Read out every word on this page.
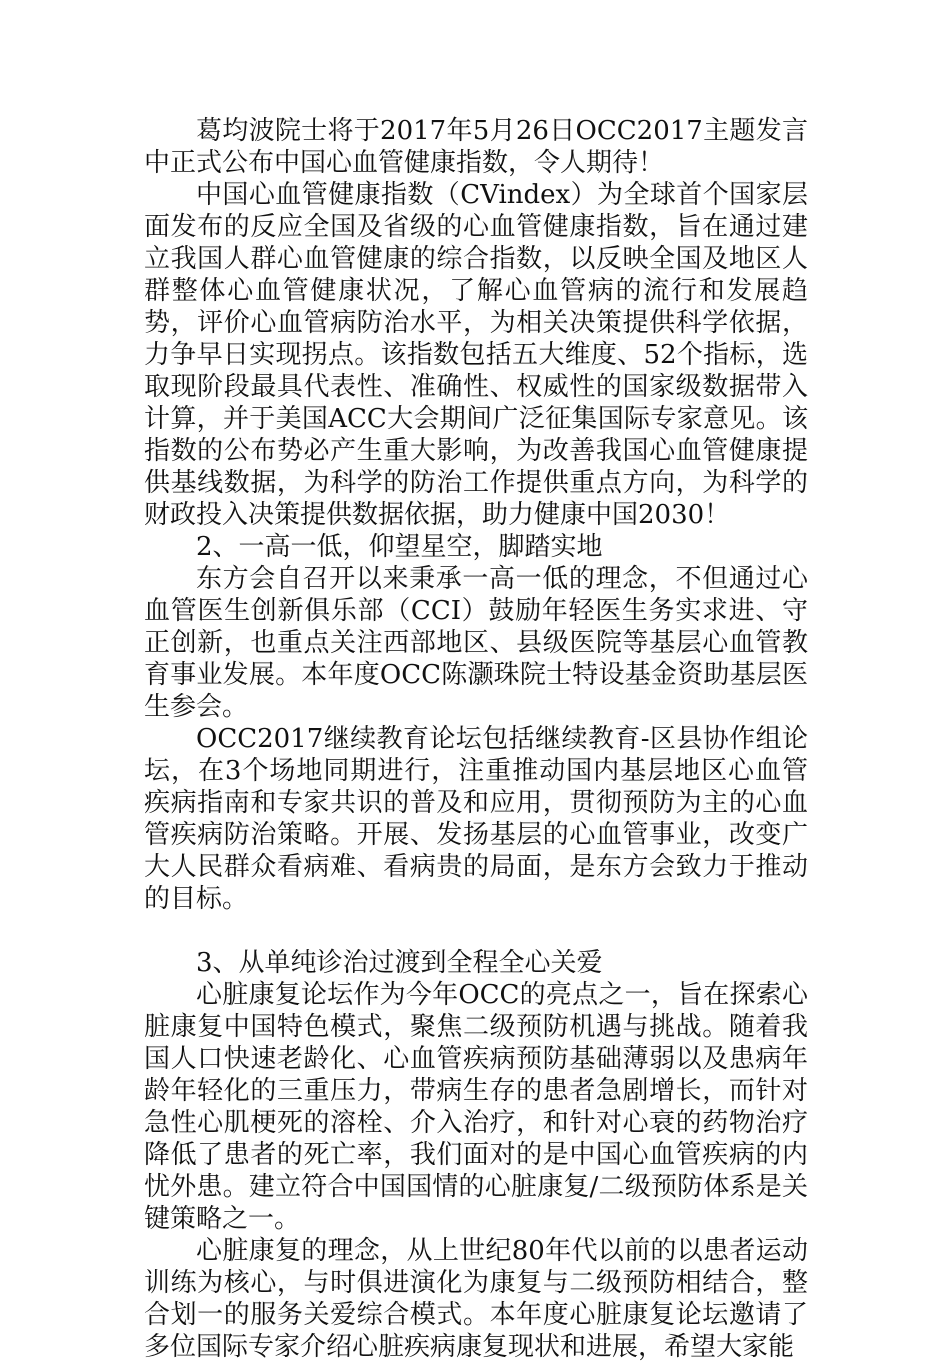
葛均波院士将于2017年5月26日OCC2017主题发言中正式公布中国心血管健康指数，令人期待！

中国心血管健康指数（CVindex）为全球首个国家层面发布的反应全国及省级的心血管健康指数，旨在通过建立我国人群心血管健康的综合指数，以反映全国及地区人群整体心血管健康状况，了解心血管病的流行和发展趋势，评价心血管病防治水平，为相关决策提供科学依据，力争早日实现拐点。该指数包括五大维度、52个指标，选取现阶段最具代表性、准确性、权威性的国家级数据带入计算，并于美国ACC大会期间广泛征集国际专家意见。该指数的公布势必产生重大影响，为改善我国心血管健康提供基线数据，为科学的防治工作提供重点方向，为科学的财政投入决策提供数据依据，助力健康中国2030！

2、一高一低，仰望星空，脚踏实地

东方会自召开以来秉承一高一低的理念，不但通过心血管医生创新俱乐部（CCI）鼓励年轻医生务实求进、守正创新，也重点关注西部地区、县级医院等基层心血管教育事业发展。本年度OCC陈灏珠院士特设基金资助基层医生参会。

OCC2017继续教育论坛包括继续教育-区县协作组论坛，在3个场地同期进行，注重推动国内基层地区心血管疾病指南和专家共识的普及和应用，贯彻预防为主的心血管疾病防治策略。开展、发扬基层的心血管事业，改变广大人民群众看病难、看病贵的局面，是东方会致力于推动的目标。

3、从单纯诊治过渡到全程全心关爱

心脏康复论坛作为今年OCC的亮点之一，旨在探索心脏康复中国特色模式，聚焦二级预防机遇与挑战。随着我国人口快速老龄化、心血管疾病预防基础薄弱以及患病年龄年轻化的三重压力，带病生存的患者急剧增长，而针对急性心肌梗死的溶栓、介入治疗，和针对心衰的药物治疗降低了患者的死亡率，我们面对的是中国心血管疾病的内忧外患。建立符合中国国情的心脏康复/二级预防体系是关键策略之一。

心脏康复的理念，从上世纪80年代以前的以患者运动训练为核心，与时俱进演化为康复与二级预防相结合，整合划一的服务关爱综合模式。本年度心脏康复论坛邀请了多位国际专家介绍心脏疾病康复现状和进展，希望大家能
